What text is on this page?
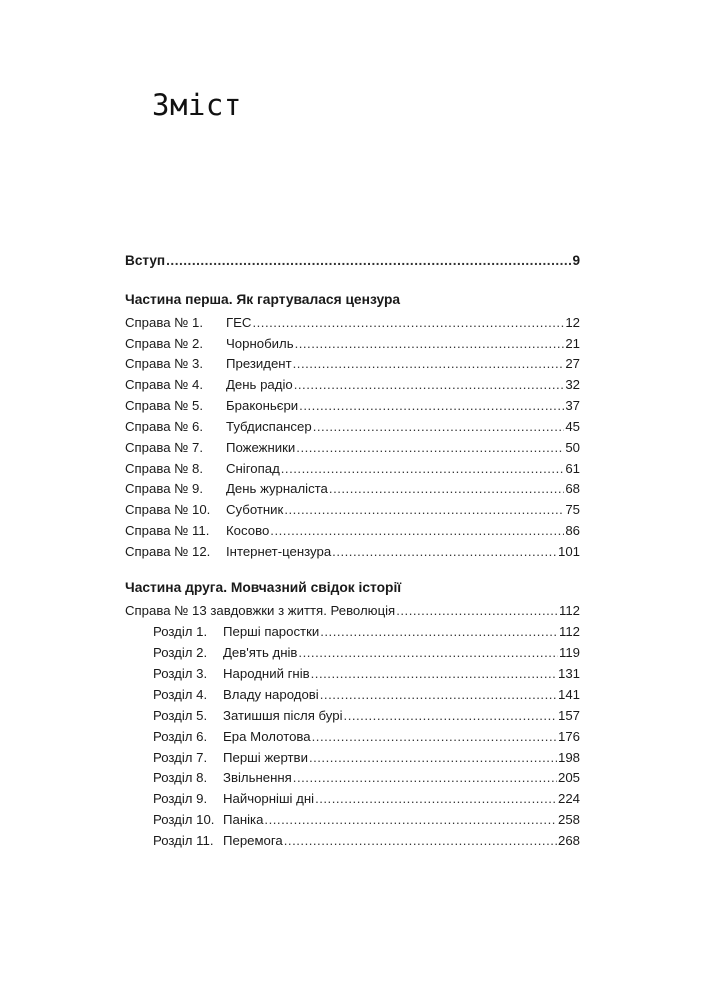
Зміст
Вступ .....	9
Частина перша. Як гартувалася цензура
Справа № 1.	ГЕС .....	12
Справа № 2.	Чорнобиль .....	21
Справа № 3.	Президент .....	27
Справа № 4.	День радіо .....	32
Справа № 5.	Браконьєри .....	37
Справа № 6.	Тубдиспансер .....	45
Справа № 7.	Пожежники .....	50
Справа № 8.	Снігопад .....	61
Справа № 9.	День журналіста .....	68
Справа № 10.	Суботник .....	75
Справа № 11.	Косово .....	86
Справа № 12.	Інтернет-цензура .....	101
Частина друга. Мовчазний свідок історії
Справа № 13 завдовжки з життя. Революція .....	112
Розділ 1.	Перші паростки .....	112
Розділ 2.	Дев'ять днів .....	119
Розділ 3.	Народний гнів .....	131
Розділ 4.	Владу народові .....	141
Розділ 5.	Затишшя після бурі .....	157
Розділ 6.	Ера Молотова .....	176
Розділ 7.	Перші жертви .....	198
Розділ 8.	Звільнення .....	205
Розділ 9.	Найчорніші дні .....	224
Розділ 10. Паніка .....	258
Розділ 11. Перемога .....	268
